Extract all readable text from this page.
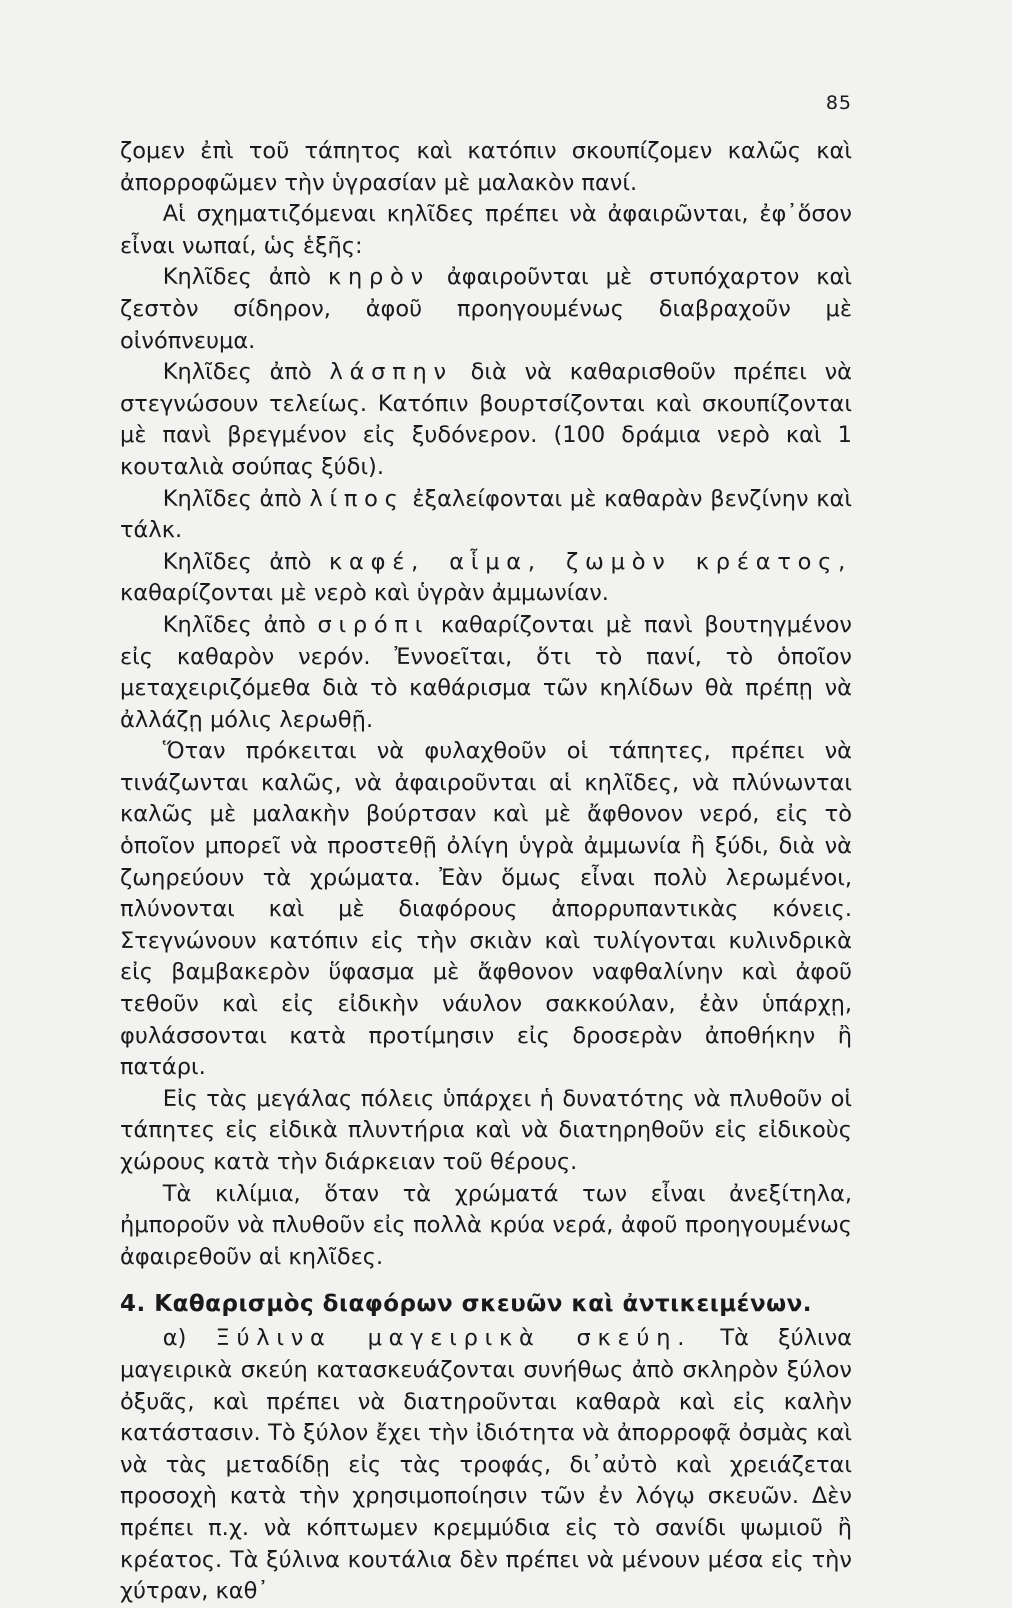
85

ζομεν ἐπὶ τοῦ τάπητος καὶ κατόπιν σκουπίζομεν καλῶς καὶ ἀπορροφῶμεν τὴν ὑγρασίαν μὲ μαλακὸν πανί.

Αἱ σχηματιζόμεναι κηλῖδες πρέπει νὰ ἀφαιρῶνται, ἐφ᾽ὅσον εἶναι νωπαί, ὡς ἑξῆς:

Κηλῖδες ἀπὸ κηρὸν ἀφαιροῦνται μὲ στυπόχαρτον καὶ ζεστὸν σίδηρον, ἀφοῦ προηγουμένως διαβραχοῦν μὲ οἰνόπνευμα.

Κηλῖδες ἀπὸ λάσπην διὰ νὰ καθαρισθοῦν πρέπει νὰ στεγνώσουν τελείως. Κατόπιν βουρτσίζονται καὶ σκουπίζονται μὲ πανὶ βρεγμένον εἰς ξυδόνερον. (100 δράμια νερὸ καὶ 1 κουταλιὰ σούπας ξύδι).

Κηλῖδες ἀπὸ λίπος ἐξαλείφονται μὲ καθαρὰν βενζίνην καὶ τάλκ.

Κηλῖδες ἀπὸ καφέ, αἷμα, ζωμὸν κρέατος, καθαρίζονται μὲ νερὸ καὶ ὑγρὰν ἀμμωνίαν.

Κηλῖδες ἀπὸ σιρόπι καθαρίζονται μὲ πανὶ βουτηγμένον εἰς καθαρὸν νερόν. Ἐννοεῖται, ὅτι τὸ πανί, τὸ ὁποῖον μεταχειριζόμεθα διὰ τὸ καθάρισμα τῶν κηλίδων θὰ πρέπῃ νὰ ἀλλάζῃ μόλις λερωθῇ.

Ὅταν πρόκειται νὰ φυλαχθοῦν οἱ τάπητες, πρέπει νὰ τινάζωνται καλῶς, νὰ ἀφαιροῦνται αἱ κηλῖδες, νὰ πλύνωνται καλῶς μὲ μαλακὴν βούρτσαν καὶ μὲ ἄφθονον νερό, εἰς τὸ ὁποῖον μπορεῖ νὰ προστεθῇ ὀλίγη ὑγρὰ ἀμμωνία ἢ ξύδι, διὰ νὰ ζωηρεύουν τὰ χρώματα. Ἐὰν ὅμως εἶναι πολὺ λερωμένοι, πλύνονται καὶ μὲ διαφόρους ἀπορρυπαντικὰς κόνεις. Στεγνώνουν κατόπιν εἰς τὴν σκιὰν καὶ τυλίγονται κυλινδρικὰ εἰς βαμβακερὸν ὕφασμα μὲ ἄφθονον ναφθαλίνην καὶ ἀφοῦ τεθοῦν καὶ εἰς εἰδικὴν νάυλον σακκούλαν, ἐὰν ὑπάρχῃ, φυλάσσονται κατὰ προτίμησιν εἰς δροσερὰν ἀποθήκην ἢ πατάρι.

Εἰς τὰς μεγάλας πόλεις ὑπάρχει ἡ δυνατότης νὰ πλυθοῦν οἱ τάπητες εἰς εἰδικὰ πλυντήρια καὶ νὰ διατηρηθοῦν εἰς εἰδικοὺς χώρους κατὰ τὴν διάρκειαν τοῦ θέρους.

Τὰ κιλίμια, ὅταν τὰ χρώματά των εἶναι ἀνεξίτηλα, ἠμποροῦν νὰ πλυθοῦν εἰς πολλὰ κρύα νερά, ἀφοῦ προηγουμένως ἀφαιρεθοῦν αἱ κηλῖδες.

4. Καθαρισμὸς διαφόρων σκευῶν καὶ ἀντικειμένων.

α) Ξύλινα μαγειρικὰ σκεύη. Τὰ ξύλινα μαγειρικὰ σκεύη κατασκευάζονται συνήθως ἀπὸ σκληρὸν ξύλον ὀξυᾶς, καὶ πρέπει νὰ διατηροῦνται καθαρὰ καὶ εἰς καλὴν κατάστασιν. Τὸ ξύλον ἔχει τὴν ἰδιότητα νὰ ἀπορροφᾷ ὀσμὰς καὶ νὰ τὰς μεταδίδῃ εἰς τὰς τροφάς, δι᾽αὐτὸ καὶ χρειάζεται προσοχὴ κατὰ τὴν χρησιμοποίησιν τῶν ἐν λόγῳ σκευῶν. Δὲν πρέπει π.χ. νὰ κόπτωμεν κρεμμύδια εἰς τὸ σανίδι ψωμιοῦ ἢ κρέατος. Τὰ ξύλινα κουτάλια δὲν πρέπει νὰ μένουν μέσα εἰς τὴν χύτραν, καθ᾽
